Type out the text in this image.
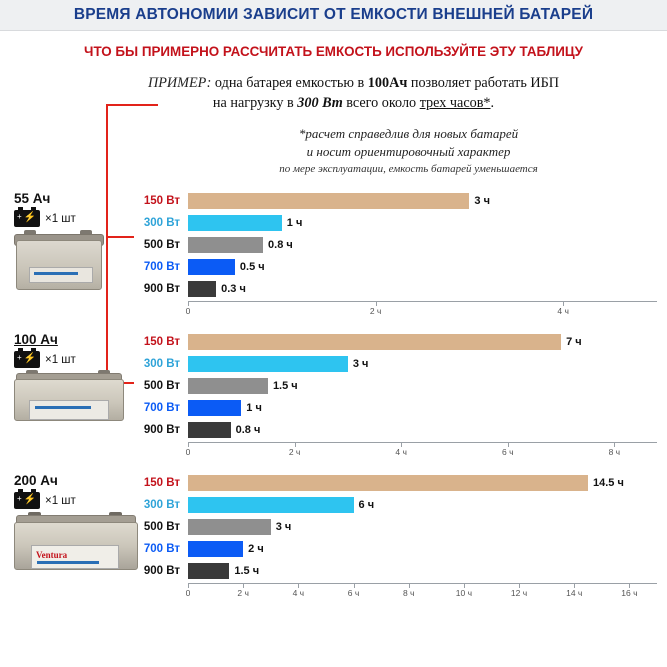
ВРЕМЯ АВТОНОМИИ ЗАВИСИТ ОТ ЕМКОСТИ ВНЕШНЕЙ БАТАРЕЙ
ЧТО БЫ ПРИМЕРНО РАССЧИТАТЬ ЕМКОСТЬ ИСПОЛЬЗУЙТЕ ЭТУ ТАБЛИЦУ
ПРИМЕР: одна батарея емкостью в 100Ач позволяет работать ИБП
на нагрузку в 300 Вт всего около трех часов*.
*расчет справедлив для новых батарей
и носит ориентировочный характер
по мере эксплуатации, емкость батарей уменьшается
55 Ач
+ ⚡ ×1 шт
150 Вт	3 ч
300 Вт	1 ч
500 Вт	0.8 ч
700 Вт	0.5 ч
900 Вт	0.3 ч
0	2 ч	4 ч
100 Ач
+ ⚡ ×1 шт
150 Вт	7 ч
300 Вт	3 ч
500 Вт	1.5 ч
700 Вт	1 ч
900 Вт	0.8 ч
0	2 ч	4 ч	6 ч	8 ч
200 Ач
+ ⚡ ×1 шт
Ventura
150 Вт	14.5 ч
300 Вт	6 ч
500 Вт	3 ч
700 Вт	2 ч
900 Вт	1.5 ч
0	2 ч	4 ч	6 ч	8 ч	10 ч	12 ч	14 ч	16 ч
